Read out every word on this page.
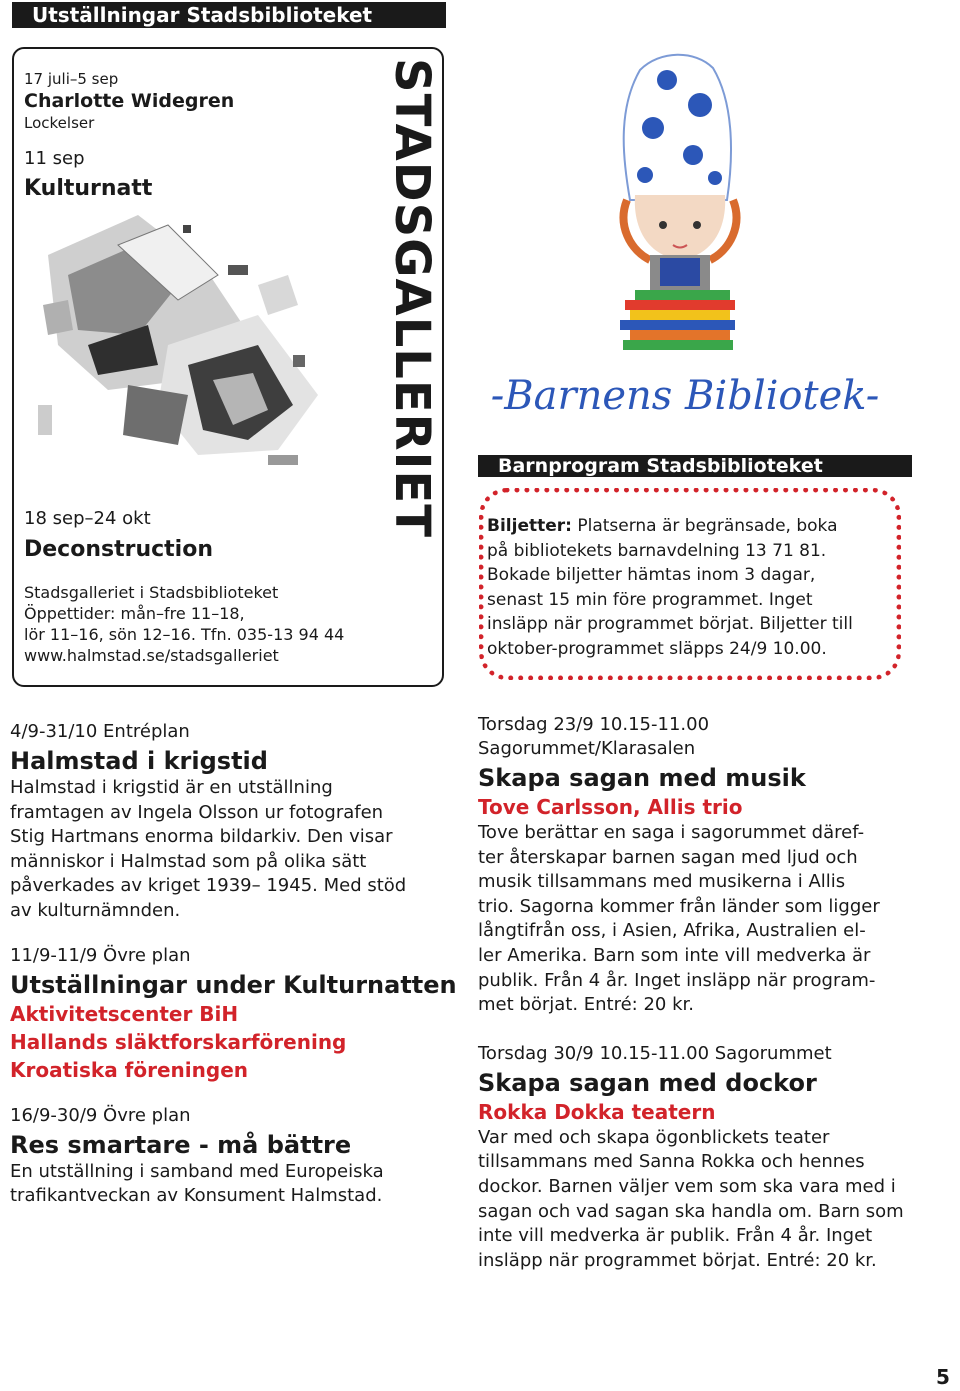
Utställningar Stadsbiblioteket
STADSGALLERIET
17 juli–5 sep
Charlotte Widegren
Lockelser
11 sep
Kulturnatt
18 sep–24 okt
Deconstruction
Stadsgalleriet i Stadsbiblioteket
Öppettider: mån–fre 11–18,
lör 11–16, sön 12–16. Tfn. 035-13 94 44
www.halmstad.se/stadsgalleriet
-Barnens Bibliotek-
Barnprogram Stadsbiblioteket
Biljetter: Platserna är begränsade, boka
på bibliotekets barnavdelning 13 71 81.
Bokade biljetter hämtas inom 3 dagar,
senast 15 min före programmet. Inget
insläpp när programmet börjat. Biljetter till
oktober-programmet släpps 24/9 10.00.
4/9-31/10 Entréplan
Halmstad i krigstid
Halmstad i krigstid är en utställning
framtagen av Ingela Olsson ur fotografen
Stig Hartmans enorma bildarkiv. Den visar
människor i Halmstad som på olika sätt
påverkades av kriget 1939– 1945. Med stöd
av kulturnämnden.
11/9-11/9 Övre plan
Utställningar under Kulturnatten
Aktivitetscenter BiH
Hallands släktforskarförening
Kroatiska föreningen
16/9-30/9 Övre plan
Res smartare - må bättre
En utställning i samband med Europeiska
trafikantveckan av Konsument Halmstad.
Torsdag 23/9 10.15-11.00
Sagorummet/Klarasalen
Skapa sagan med musik
Tove Carlsson, Allis trio
Tove berättar en saga i sagorummet däref-
ter återskapar barnen sagan med ljud och
musik tillsammans med musikerna i Allis
trio. Sagorna kommer från länder som ligger
långtifrån oss, i Asien, Afrika, Australien el-
ler Amerika. Barn som inte vill medverka är
publik. Från 4 år. Inget insläpp när program-
met börjat. Entré: 20 kr.
Torsdag 30/9 10.15-11.00 Sagorummet
Skapa sagan med dockor
Rokka Dokka teatern
Var med och skapa ögonblickets teater
tillsammans med Sanna Rokka och hennes
dockor. Barnen väljer vem som ska vara med i
sagan och vad sagan ska handla om. Barn som
inte vill medverka är publik. Från 4 år. Inget
insläpp när programmet börjat. Entré: 20 kr.
5
